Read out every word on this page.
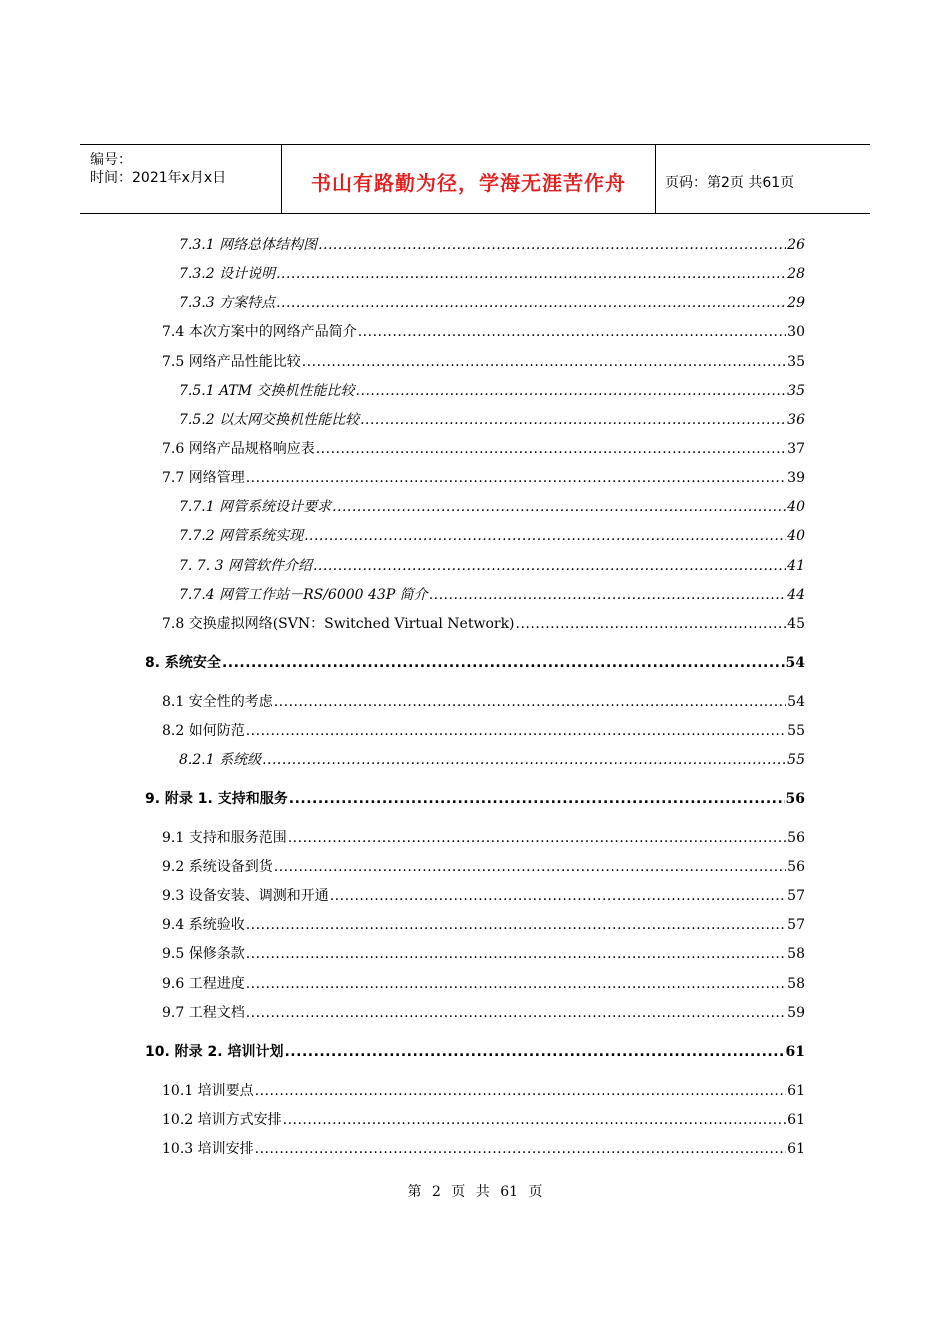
编号：
时间：2021年x月x日	书山有路勤为径，学海无涯苦作舟	页码：第2页 共61页
7.3.1 网络总体结构图 .....	26
7.3.2 设计说明 .....	28
7.3.3 方案特点 .....	29
7.4 本次方案中的网络产品简介 .....	30
7.5 网络产品性能比较 .....	35
7.5.1 ATM 交换机性能比较 .....	35
7.5.2 以太网交换机性能比较 .....	36
7.6 网络产品规格响应表 .....	37
7.7 网络管理 .....	39
7.7.1 网管系统设计要求 .....	40
7.7.2 网管系统实现 .....	40
7. 7. 3 网管软件介绍 .....	41
7.7.4 网管工作站－RS/6000 43P 简介 .....	44
7.8 交换虚拟网络(SVN：Switched Virtual Network) .....	45
8. 系统安全 .....	54
8.1 安全性的考虑 .....	54
8.2 如何防范 .....	55
8.2.1 系统级 .....	55
9. 附录 1. 支持和服务 .....	56
9.1 支持和服务范围 .....	56
9.2 系统设备到货 .....	56
9.3 设备安装、调测和开通 .....	57
9.4 系统验收 .....	57
9.5 保修条款 .....	58
9.6 工程进度 .....	58
9.7 工程文档 .....	59
10. 附录 2. 培训计划 .....	61
10.1 培训要点 .....	61
10.2 培训方式安排 .....	61
10.3 培训安排 .....	61
第 2 页 共 61 页
